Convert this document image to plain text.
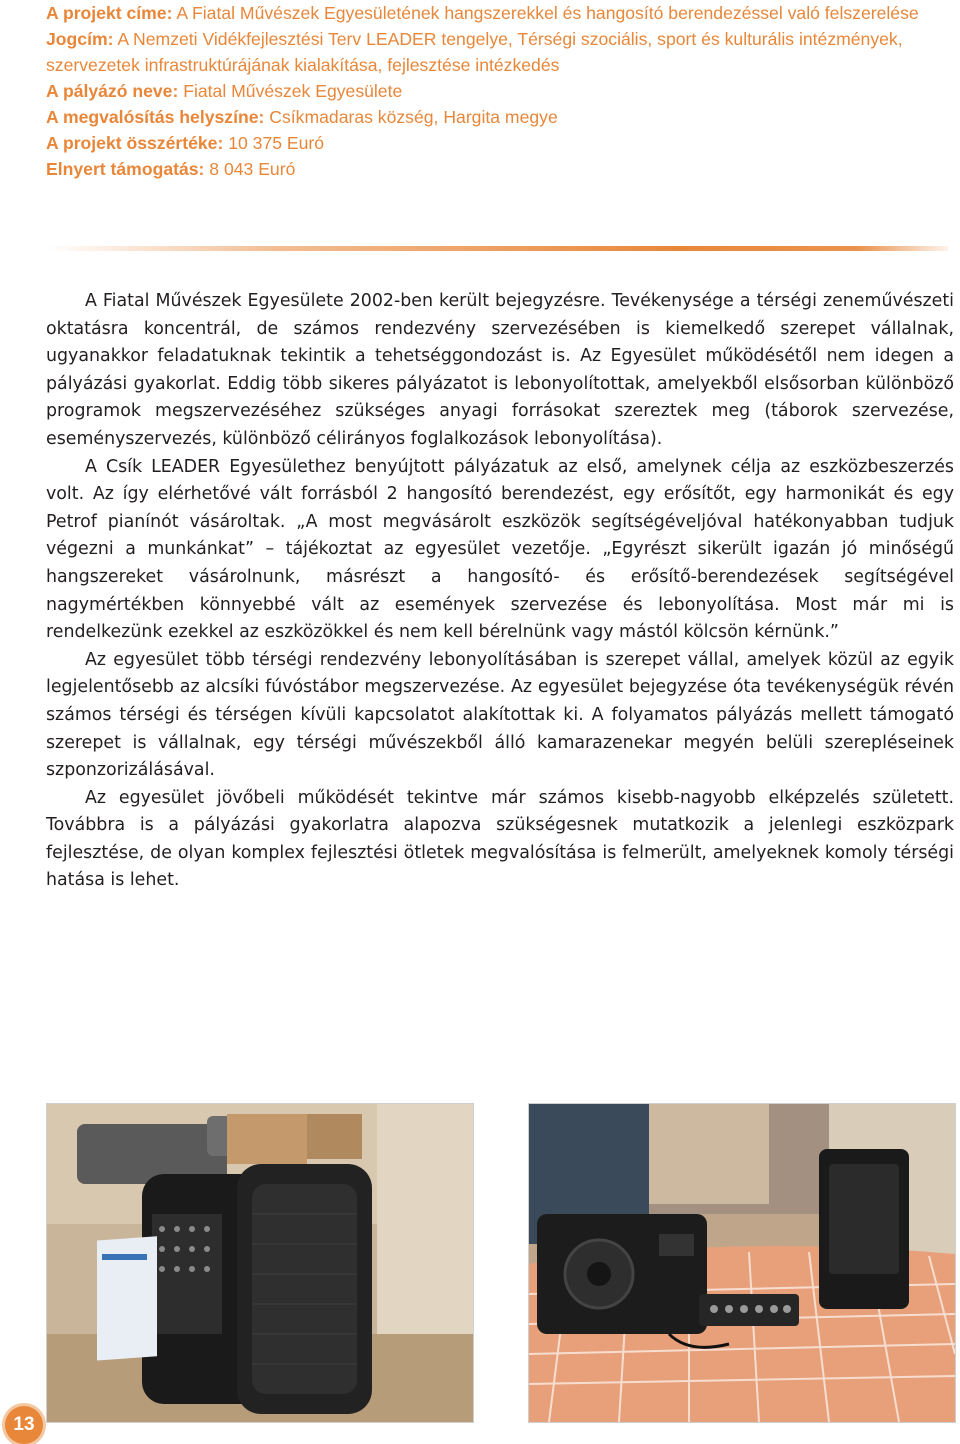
A projekt címe: A Fiatal Művészek Egyesületének hangszerekkel és hangosító berendezéssel való felszerelése
Jogcím: A Nemzeti Vidékfejlesztési Terv LEADER tengelye, Térségi szociális, sport és kulturális intézmények, szervezetek infrastruktúrájának kialakítása, fejlesztése intézkedés
A pályázó neve: Fiatal Művészek Egyesülete
A megvalósítás helyszíne: Csíkmadaras község, Hargita megye
A projekt összértéke: 10 375 Euró
Elnyert támogatás: 8 043 Euró

A Fiatal Művészek Egyesülete 2002-ben került bejegyzésre. Tevékenysége a térségi zeneművészeti oktatásra koncentrál, de számos rendezvény szervezésében is kiemelkedő szerepet vállalnak, ugyanakkor feladatuknak tekintik a tehetséggondozást is. Az Egyesület működésétől nem idegen a pályázási gyakorlat. Eddig több sikeres pályázatot is lebonyolítottak, amelyekből elsősorban különböző programok megszervezéséhez szükséges anyagi forrásokat szereztek meg (táborok szervezése, eseményszervezés, különböző célirányos foglalkozások lebonyolítása).

A Csík LEADER Egyesülethez benyújtott pályázatuk az első, amelynek célja az eszközbeszerzés volt. Az így elérhetővé vált forrásból 2 hangosító berendezést, egy erősítőt, egy harmonikát és egy Petrof pianínót vásároltak. „A most megvásárolt eszközök segítségéveljóval hatékonyabban tudjuk végezni a munkánkat” – tájékoztat az egyesület vezetője. „Egyrészt sikerült igazán jó minőségű hangszereket vásárolnunk, másrészt a hangosító- és erősítő-berendezések segítségével nagymértékben könnyebbé vált az események szervezése és lebonyolítása. Most már mi is rendelkezünk ezekkel az eszközökkel és nem kell bérelnünk vagy mástól kölcsön kérnünk.”

Az egyesület több térségi rendezvény lebonyolításában is szerepet vállal, amelyek közül az egyik legjelentősebb az alcsíki fúvóstábor megszervezése. Az egyesület bejegyzése óta tevékenységük révén számos térségi és térségen kívüli kapcsolatot alakítottak ki. A folyamatos pályázás mellett támogató szerepet is vállalnak, egy térségi művészekből álló kamarazenekar megyén belüli szerepléseinek szponzorizálásával.

Az egyesület jövőbeli működését tekintve már számos kisebb-nagyobb elképzelés született. Továbbra is a pályázási gyakorlatra alapozva szükségesnek mutatkozik a jelenlegi eszközpark fejlesztése, de olyan komplex fejlesztési ötletek megvalósítása is felmerült, amelyeknek komoly térségi hatása is lehet.

13
